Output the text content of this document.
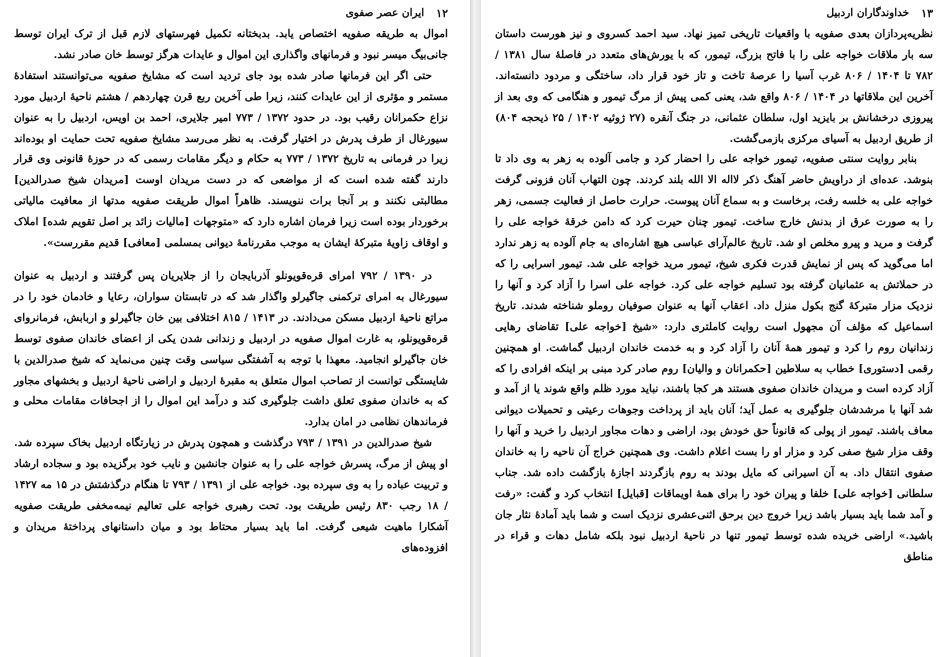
۱۲
ایران عصر صفوی

اموال به طریقه صفویه اختصاص یابد. بدبختانه تکمیل فهرستهای لازم قبل از ترک ایران توسط جانی‌بیگ میسر نبود و فرمانهای واگذاری این اموال و عایدات هرگز توسط خان صادر نشد.

حتی اگر این فرمانها صادر شده بود جای تردید است که مشایخ صفویه می‌توانستند استفادهٔ مستمر و مؤثری از این عایدات کنند، زیرا طی آخرین ربع قرن چهاردهم / هشتم ناحیهٔ اردبیل مورد نزاع حکمرانان رقیب بود. در حدود ۱۳۷۲ / ۷۷۳ امیر جلایری، احمد بن اویس، اردبیل را به عنوان سیورغال از طرف پدرش در اختیار گرفت. به نظر می‌رسد مشایخ صفویه تحت حمایت او بوده‌اند زیرا در فرمانی به تاریخ ۱۳۷۲ / ۷۷۳ به حکام و دیگر مقامات رسمی که در حوزهٔ قانونی وی قرار دارند گفته شده است که از مواضعی که در دست مریدان اوست [مریدان شیخ صدرالدین] مطالبتی نکنند و بر آنجا برات ننویسند. ظاهراً اموال طریقت صفویه مدتها از معافیت مالیاتی برخوردار بوده است زیرا فرمان اشاره دارد که «متوجهات [مالیات زائد بر اصل تقویم شده] املاک و اوقاف زاویهٔ متبرکهٔ ایشان به موجب مقررنامهٔ دیوانی بمسلمی [معافی] قدیم مقررست».

در ۱۳۹۰ / ۷۹۲ امرای قره‌قویونلو آذربایجان را از جلایریان پس گرفتند و اردبیل به عنوان سیورغال به امرای ترکمنی جاگیرلو واگذار شد که در تابستان سواران، رعایا و خادمان خود را در مراتع ناحیهٔ اردبیل مسکن می‌دادند. در ۱۴۱۳ / ۸۱۵ اختلافی بین خان جاگیرلو و اربابش، فرمانروای قره‌قویونلو، به غارت اموال صفویه در اردبیل و زندانی شدن یکی از اعضای خاندان صفوی توسط خان جاگیرلو انجامید. معهذا با توجه به آشفتگی سیاسی وقت چنین می‌نماید که شیخ صدرالدین با شایستگی توانست از تصاحب اموال متعلق به مقبرهٔ اردبیل و اراضی ناحیهٔ اردبیل و بخشهای مجاور که به خاندان صفوی تعلق داشت جلوگیری کند و درآمد این اموال را از اجحافات مقامات محلی و فرماندهان نظامی در امان بدارد.

شیخ صدرالدین در ۱۳۹۱ / ۷۹۳ درگذشت و همچون پدرش در زیارتگاه اردبیل بخاک سپرده شد. او پیش از مرگ، پسرش خواجه علی را به عنوان جانشین و نایب خود برگزیده بود و سجاده ارشاد و تربیت عباده را به وی سپرده بود. خواجه علی از ۱۳۹۱ / ۷۹۳ تا هنگام درگذشتش در ۱۵ مه ۱۴۲۷ / ۱۸ رجب ۸۳۰ رئیس طریقت بود. تحت رهبری خواجه علی تعالیم نیمه‌مخفی طریقت صفویه آشکارا ماهیت شیعی گرفت. اما باید بسیار محتاط بود و میان داستانهای پرداختهٔ مریدان و افزوده‌های

۱۳
خداوندگاران اردبیل

نظریه‌پردازان بعدی صفویه با واقعیات تاریخی تمیز نهاد. سید احمد کسروی و نیز هورست داستان سه بار ملاقات خواجه علی را با فاتح بزرگ، تیمور، که با یورش‌های متعدد در فاصلهٔ سال ۱۳۸۱ / ۷۸۲ تا ۱۴۰۴ / ۸۰۶ غرب آسیا را عرصهٔ تاخت و تاز خود قرار داد، ساختگی و مردود دانسته‌اند. آخرین این ملاقاتها در ۱۴۰۴ / ۸۰۶ واقع شد، یعنی کمی پیش از مرگ تیمور و هنگامی که وی بعد از پیروزی درخشانش بر بایزید اول، سلطان عثمانی، در جنگ آنقره (۲۷ ژوئیه ۱۴۰۲ / ۲۵ ذیحجه ۸۰۴) از طریق اردبیل به آسیای مرکزی بازمی‌گشت.

بنابر روایت سنتی صفویه، تیمور خواجه علی را احضار کرد و جامی آلوده به زهر به وی داد تا بنوشد. عده‌ای از دراویش حاضر آهنگ ذکر لااله الا الله بلند کردند. چون التهاب آنان فزونی گرفت خواجه علی به خلسه رفت، برخاست و به سماع آنان پیوست. حرارت حاصل از فعالیت جسمی، زهر را به صورت عرق از بدنش خارج ساخت. تیمور چنان حیرت کرد که دامن خرقهٔ خواجه علی را گرفت و مرید و پیرو مخلص او شد. تاریخ عالم‌آرای عباسی هیچ اشاره‌ای به جام آلوده به زهر ندارد اما می‌گوید که پس از نمایش قدرت فکری شیخ، تیمور مرید خواجه علی شد. تیمور اسرایی را که در حملاتش به عثمانیان گرفته بود تسلیم خواجه علی کرد. خواجه علی اسرا را آزاد کرد و آنها را نزدیک مزار متبرکهٔ گنج بکول منزل داد. اعقاب آنها به عنوان صوفیان روملو شناخته شدند. تاریخ اسماعیل که مؤلف آن مجهول است روایت کاملتری دارد: «شیخ [خواجه علی] تقاضای رهایی زندانیان روم را کرد و تیمور همهٔ آنان را آزاد کرد و به خدمت خاندان اردبیل گماشت. او همچنین رقمی [دستوری] خطاب به سلاطین [حکمرانان و والیان] روم صادر کرد مبنی بر اینکه افرادی را که آزاد کرده است و مریدان خاندان صفوی هستند هر کجا باشند، نباید مورد ظلم واقع شوند یا از آمد و شد آنها با مرشدشان جلوگیری به عمل آید؛ آنان باید از پرداخت وجوهات رعیتی و تحمیلات دیوانی معاف باشند. تیمور از پولی که قانوناً حق خودش بود، اراضی و دهات مجاور اردبیل را خرید و آنها را وقف مزار شیخ صفی کرد و مزار او را بست اعلام داشت. وی همچنین خراج آن ناحیه را به خاندان صفوی انتقال داد. به آن اسیرانی که مایل بودند به روم بازگردند اجازهٔ بازگشت داده شد. جناب سلطانی [خواجه علی] خلفا و پیران خود را برای همهٔ اویماقات [قبایل] انتخاب کرد و گفت: «رفت و آمد شما باید بسیار باشد زیرا خروج دین برحق اثنی‌عشری نزدیک است و شما باید آمادهٔ نثار جان باشید.» اراضی خریده شده توسط تیمور تنها در ناحیهٔ اردبیل نبود بلکه شامل دهات و قراء در مناطق
